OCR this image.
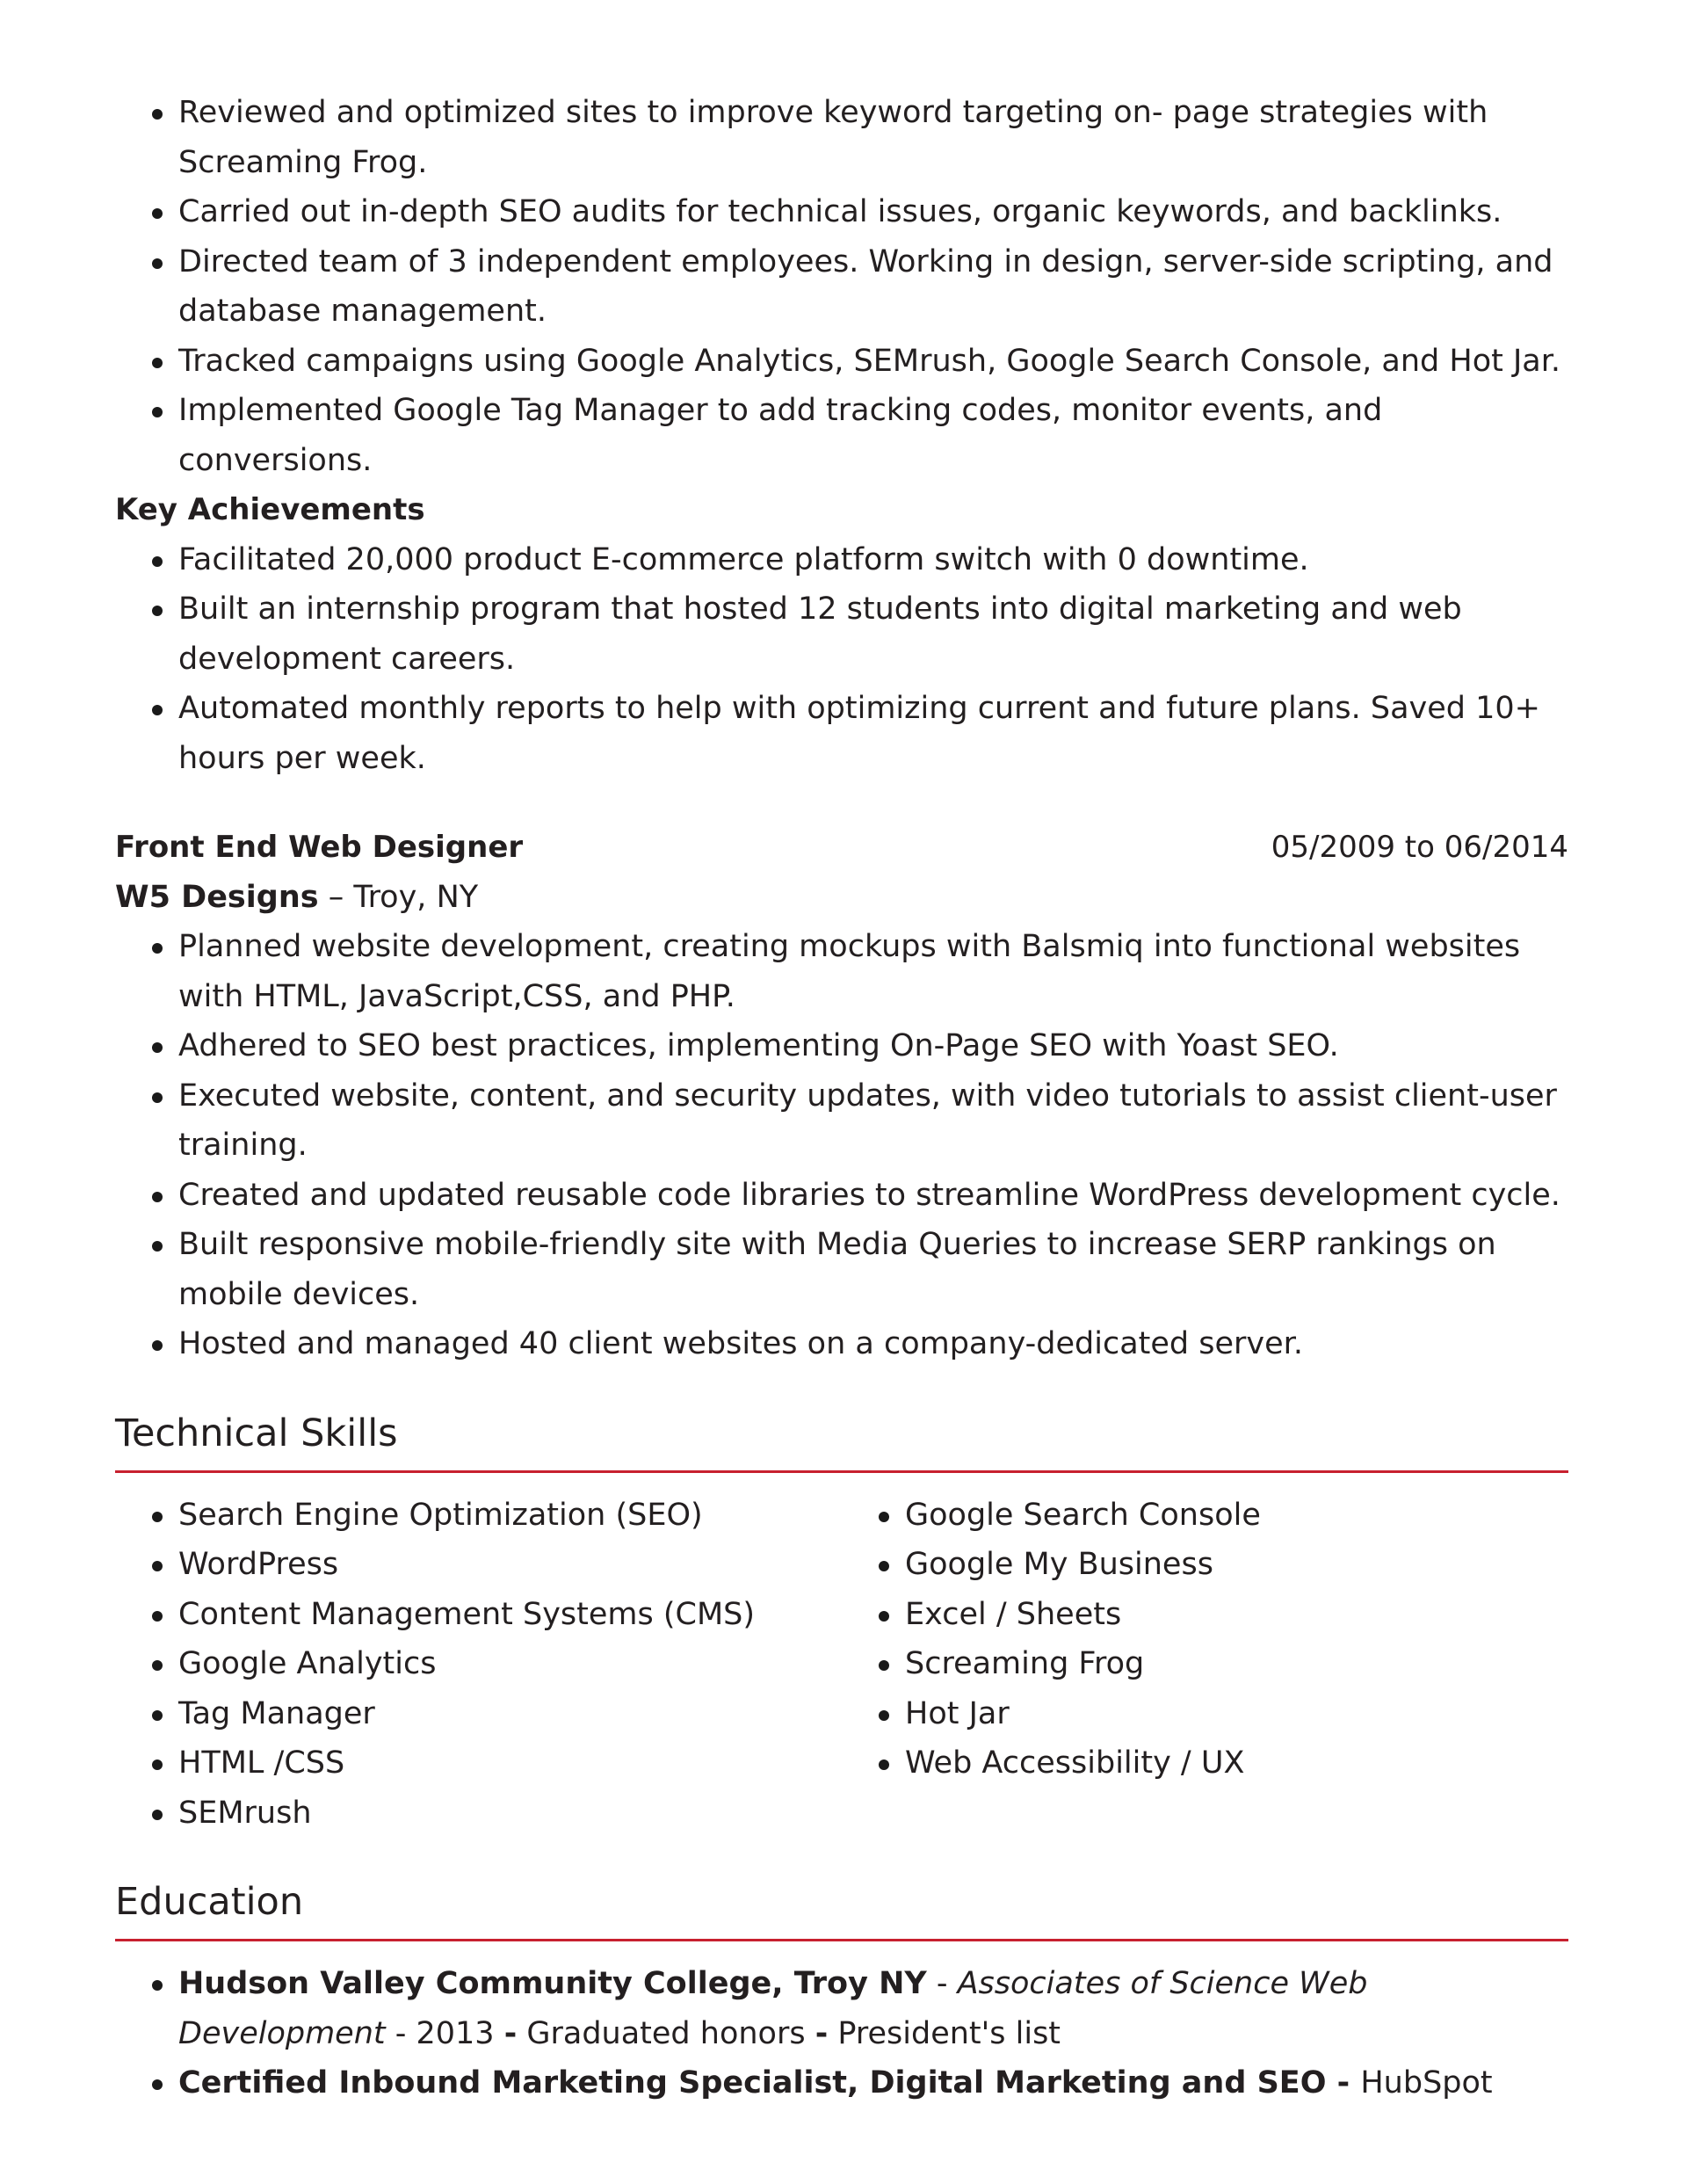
Reviewed and optimized sites to improve keyword targeting on- page strategies with Screaming Frog.
Carried out in-depth SEO audits for technical issues, organic keywords, and backlinks.
Directed team of 3 independent employees. Working in design, server-side scripting, and database management.
Tracked campaigns using Google Analytics, SEMrush, Google Search Console, and Hot Jar.
Implemented Google Tag Manager to add tracking codes, monitor events, and conversions.
Key Achievements
Facilitated 20,000 product E-commerce platform switch with 0 downtime.
Built an internship program that hosted 12 students into digital marketing and web development careers.
Automated monthly reports to help with optimizing current and future plans. Saved 10+ hours per week.
Front End Web Designer	05/2009 to 06/2014
W5 Designs – Troy, NY
Planned website development, creating mockups with Balsmiq into functional websites with HTML, JavaScript,CSS, and PHP.
Adhered to SEO best practices, implementing On-Page SEO with Yoast SEO.
Executed website, content, and security updates, with video tutorials to assist client-user training.
Created and updated reusable code libraries to streamline WordPress development cycle.
Built responsive mobile-friendly site with Media Queries to increase SERP rankings on mobile devices.
Hosted and managed 40 client websites on a company-dedicated server.
Technical Skills
Search Engine Optimization (SEO)
WordPress
Content Management Systems (CMS)
Google Analytics
Tag Manager
HTML /CSS
SEMrush
Google Search Console
Google My Business
Excel / Sheets
Screaming Frog
Hot Jar
Web Accessibility / UX
Education
Hudson Valley Community College, Troy NY - Associates of Science Web Development - 2013 - Graduated honors - President's list
Certified Inbound Marketing Specialist, Digital Marketing and SEO - HubSpot
